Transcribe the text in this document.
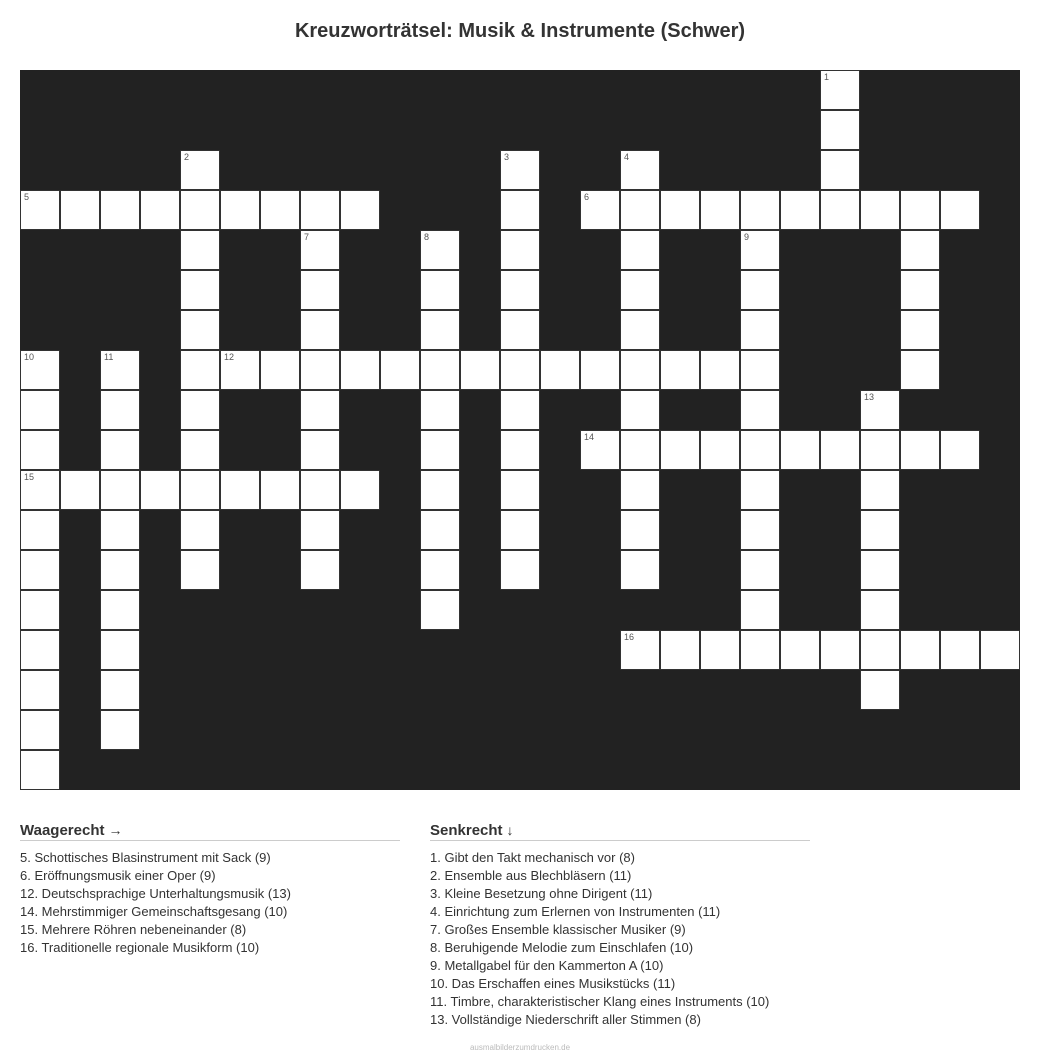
Kreuzworträtsel: Musik & Instrumente (Schwer)
1
2	3	4
5	6
7	8	9
10	11	12
13
14
15
16
Waagerecht →
5. Schottisches Blasinstrument mit Sack (9)
6. Eröffnungsmusik einer Oper (9)
12. Deutschsprachige Unterhaltungsmusik (13)
14. Mehrstimmiger Gemeinschaftsgesang (10)
15. Mehrere Röhren nebeneinander (8)
16. Traditionelle regionale Musikform (10)
Senkrecht ↓
1. Gibt den Takt mechanisch vor (8)
2. Ensemble aus Blechbläsern (11)
3. Kleine Besetzung ohne Dirigent (11)
4. Einrichtung zum Erlernen von Instrumenten (11)
7. Großes Ensemble klassischer Musiker (9)
8. Beruhigende Melodie zum Einschlafen (10)
9. Metallgabel für den Kammerton A (10)
10. Das Erschaffen eines Musikstücks (11)
11. Timbre, charakteristischer Klang eines Instruments (10)
13. Vollständige Niederschrift aller Stimmen (8)
ausmalbilderzumdrucken.de
